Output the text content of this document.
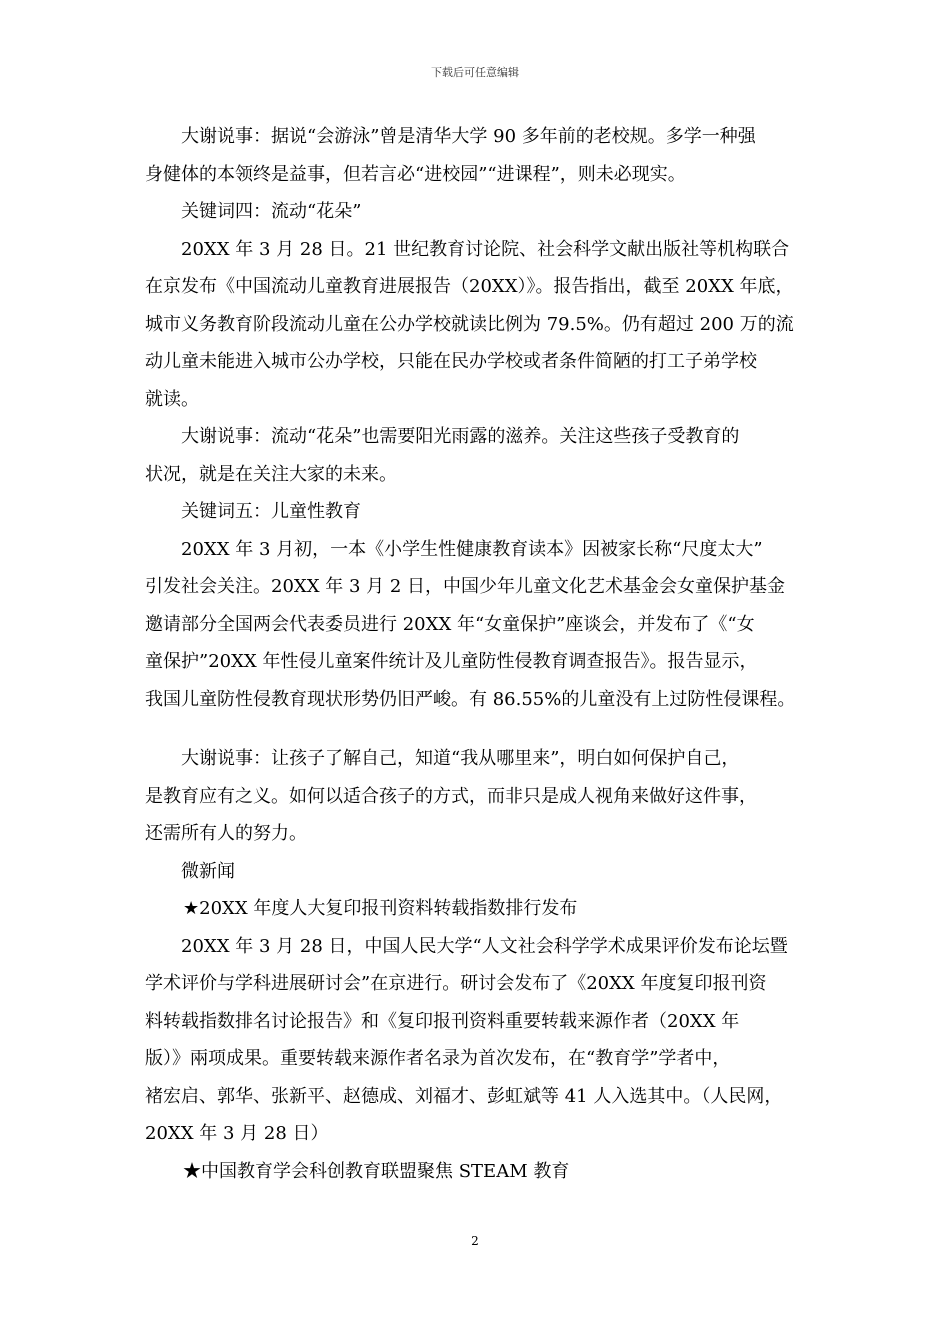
下载后可任意编辑

大谢说事：据说“会游泳”曾是清华大学 90 多年前的老校规。多学一种强

身健体的本领终是益事，但若言必“进校园”“进课程”，则未必现实。

关键词四：流动“花朵”

20XX 年 3 月 28 日。21 世纪教育讨论院、社会科学文献出版社等机构联合

在京发布《中国流动儿童教育进展报告（20XX）》。报告指出，截至 20XX 年底，

城市义务教育阶段流动儿童在公办学校就读比例为 79.5%。仍有超过 200 万的流

动儿童未能进入城市公办学校，只能在民办学校或者条件简陋的打工子弟学校

就读。

大谢说事：流动“花朵”也需要阳光雨露的滋养。关注这些孩子受教育的

状况，就是在关注大家的未来。

关键词五：儿童性教育

20XX 年 3 月初，一本《小学生性健康教育读本》因被家长称“尺度太大”

引发社会关注。20XX 年 3 月 2 日，中国少年儿童文化艺术基金会女童保护基金

邀请部分全国两会代表委员进行 20XX 年“女童保护”座谈会，并发布了《“女

童保护”20XX 年性侵儿童案件统计及儿童防性侵教育调查报告》。报告显示，

我国儿童防性侵教育现状形势仍旧严峻。有 86.55%的儿童没有上过防性侵课程。

大谢说事：让孩子了解自己，知道“我从哪里来”，明白如何保护自己，

是教育应有之义。如何以适合孩子的方式，而非只是成人视角来做好这件事，

还需所有人的努力。

微新闻

★20XX 年度人大复印报刊资料转载指数排行发布

20XX 年 3 月 28 日，中国人民大学“人文社会科学学术成果评价发布论坛暨

学术评价与学科进展研讨会”在京进行。研讨会发布了《20XX 年度复印报刊资

料转载指数排名讨论报告》和《复印报刊资料重要转载来源作者（20XX 年

版）》兩项成果。重要转载来源作者名录为首次发布，在“教育学”学者中，

褚宏启、郭华、张新平、赵德成、刘福才、彭虹斌等 41 人入选其中。（人民网，

20XX 年 3 月 28 日）

★中国教育学会科创教育联盟聚焦 STEAM 教育

2
